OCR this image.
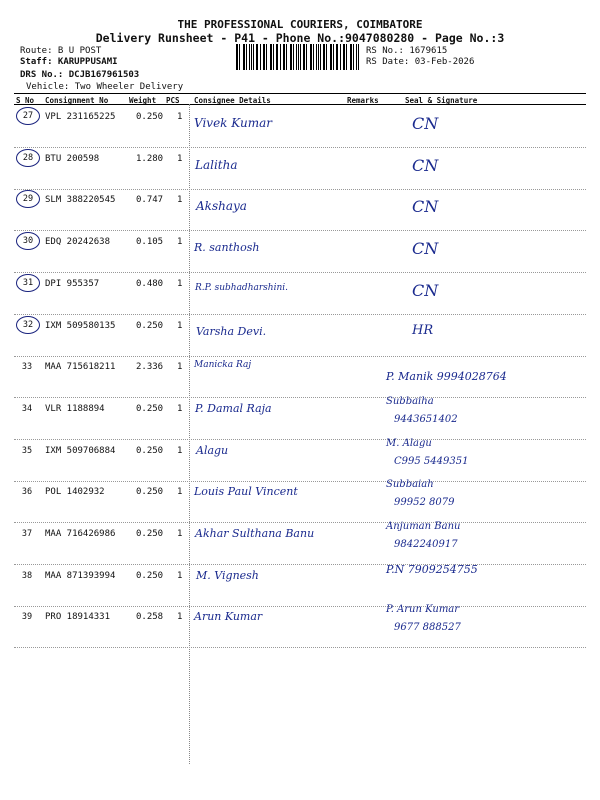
THE PROFESSIONAL COURIERS, COIMBATORE
Delivery Runsheet - P41 - Phone No.:9047080280 - Page No.:3
Route: B U POST
Staff: KARUPPUSAMI
DRS No.: DCJB167961503
Vehicle: Two Wheeler Delivery
RS No.: 1679615
RS Date: 03-Feb-2026
S No Consignment No	Weight PCS Consignee Details	Remarks	Seal & Signature
27	VPL 231165225 0.250 1 Vivek Kumar	CN
28	BTU 200598	1.280 1 Lalitha	CN
29	SLM 388220545 0.747 1 Akshaya	CN
30	EDQ 20242638	0.105 1 R. santhosh	CN
31	DPI 955357	0.480 1 R.P. subhadharshini.	CN
32	IXM 509580135 0.250 1 Varsha Devi.	HR
33	MAA 715618211 2.336 1 Manicka Raj
P. Manik 9994028764
34	VLR 1188894	0.250 1 P. Damal Raja
Subbaiha
9443651402
35	IXM 509706884 0.250 1 Alagu
M. Alagu
C995 5449351
36	POL 1402932	0.250 1 Louis Paul Vincent
Subbaiah
99952 8079
37	MAA 716426986 0.250 1 Akhar Sulthana Banu
Anjuman Banu
9842240917
38	MAA 871393994 0.250 1 M. Vignesh	P.N 7909254755
39	PRO 18914331	0.258 1 Arun Kumar
P. Arun Kumar
9677 888527
